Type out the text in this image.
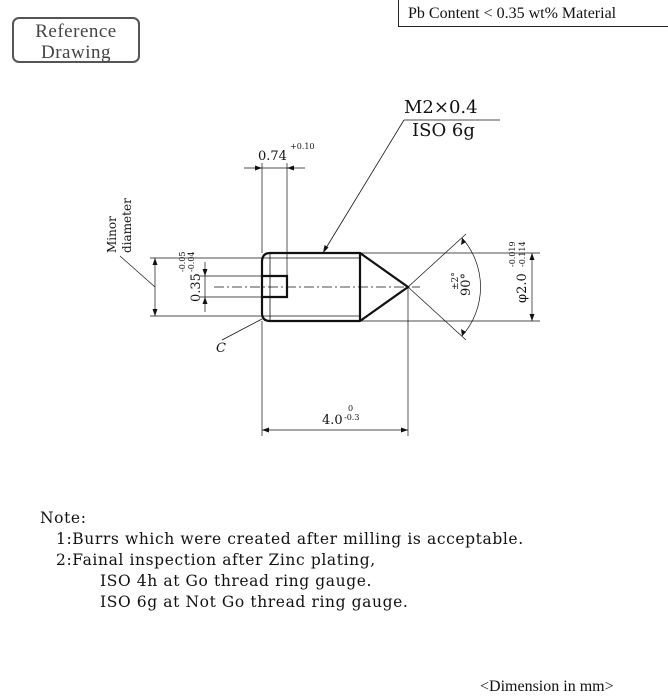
Reference
Drawing
Pb Content < 0.35 wt% Material
M2×0.4
ISO 6g
0.74
+0.10
Minor diameter
0.35
-0.05 -0.04
φ2.0
-0.019 -0.114
90°
±2°
C
4.0
0
-0.3
Note:
1:Burrs which were created after milling is acceptable.
2:Fainal inspection after Zinc plating,
ISO 4h at Go thread ring gauge.
ISO 6g at Not Go thread ring gauge.
<Dimension in mm>
